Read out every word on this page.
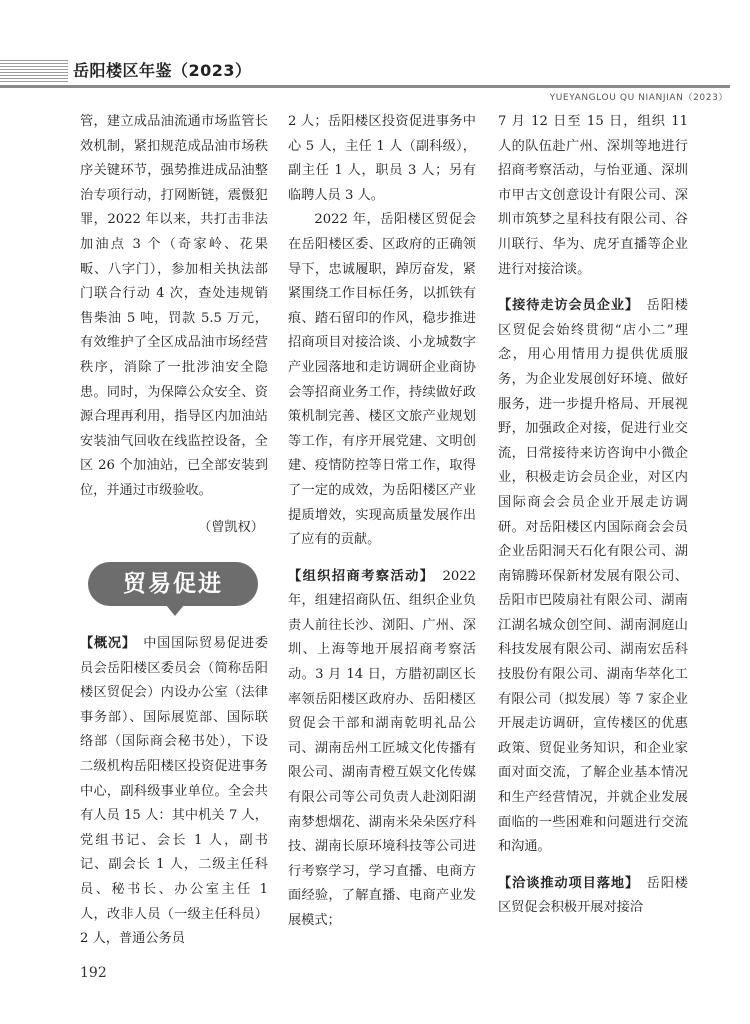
岳阳楼区年鉴（2023）
YUEYANGLOU QU NIANJIAN（2023）

管，建立成品油流通市场监管长效机制，紧扣规范成品油市场秩序关键环节，强势推进成品油整治专项行动，打网断链，震慑犯罪，2022 年以来，共打击非法加油点 3 个（奇家岭、花果畈、八字门），参加相关执法部门联合行动 4 次，查处违规销售柴油 5 吨，罚款 5.5 万元，有效维护了全区成品油市场经营秩序，消除了一批涉油安全隐患。同时，为保障公众安全、资源合理再利用，指导区内加油站安装油气回收在线监控设备，全区 26 个加油站，已全部安装到位，并通过市级验收。

（曾凯权）

贸易促进

【概况】　 中国国际贸易促进委员会岳阳楼区委员会（简称岳阳楼区贸促会）内设办公室（法律事务部）、国际展览部、国际联络部（国际商会秘书处），下设二级机构岳阳楼区投资促进事务中心，副科级事业单位。全会共有人员 15 人：其中机关 7 人，党组书记、会长 1 人，副书记、副会长 1 人，二级主任科员、秘书长、办公室主任 1 人，改非人员（一级主任科员）2 人，普通公务员

2 人；岳阳楼区投资促进事务中心 5 人，主任 1 人（副科级），副主任 1 人，职员 3 人；另有临聘人员 3 人。

2022 年，岳阳楼区贸促会在岳阳楼区委、区政府的正确领导下，忠诚履职，踔厉奋发，紧紧围绕工作目标任务，以抓铁有痕、踏石留印的作风，稳步推进招商项目对接洽谈、小龙城数字产业园落地和走访调研企业商协会等招商业务工作，持续做好政策机制完善、楼区文旅产业规划等工作，有序开展党建、文明创建、疫情防控等日常工作，取得了一定的成效，为岳阳楼区产业提质增效，实现高质量发展作出了应有的贡献。

【组织招商考察活动】　 2022 年，组建招商队伍、组织企业负责人前往长沙、浏阳、广州、深圳、上海等地开展招商考察活动。3 月 14 日，方腊初副区长率领岳阳楼区政府办、岳阳楼区贸促会干部和湖南乾明礼品公司、湖南岳州工匠城文化传播有限公司、湖南青橙互娱文化传媒有限公司等公司负责人赴浏阳湖南梦想烟花、湖南米朵朵医疗科技、湖南长原环境科技等公司进行考察学习，学习直播、电商方面经验，了解直播、电商产业发展模式；

7 月 12 日至 15 日，组织 11 人的队伍赴广州、深圳等地进行招商考察活动，与怡亚通、深圳市甲古文创意设计有限公司、深圳市筑梦之星科技有限公司、谷川联行、华为、虎牙直播等企业进行对接洽谈。

【接待走访会员企业】　 岳阳楼区贸促会始终贯彻“店小二”理念，用心用情用力提供优质服务，为企业发展创好环境、做好服务，进一步提升格局、开展视野，加强政企对接，促进行业交流，日常接待来访咨询中小微企业，积极走访会员企业，对区内国际商会会员企业开展走访调研。对岳阳楼区内国际商会会员企业岳阳洞天石化有限公司、湖南锦腾环保新材发展有限公司、岳阳市巴陵扇社有限公司、湖南江湖名城众创空间、湖南洞庭山科技发展有限公司、湖南宏岳科技股份有限公司、湖南华萃化工有限公司（拟发展）等 7 家企业开展走访调研，宣传楼区的优惠政策、贸促业务知识，和企业家面对面交流，了解企业基本情况和生产经营情况，并就企业发展面临的一些困难和问题进行交流和沟通。

【洽谈推动项目落地】　 岳阳楼区贸促会积极开展对接洽

192
